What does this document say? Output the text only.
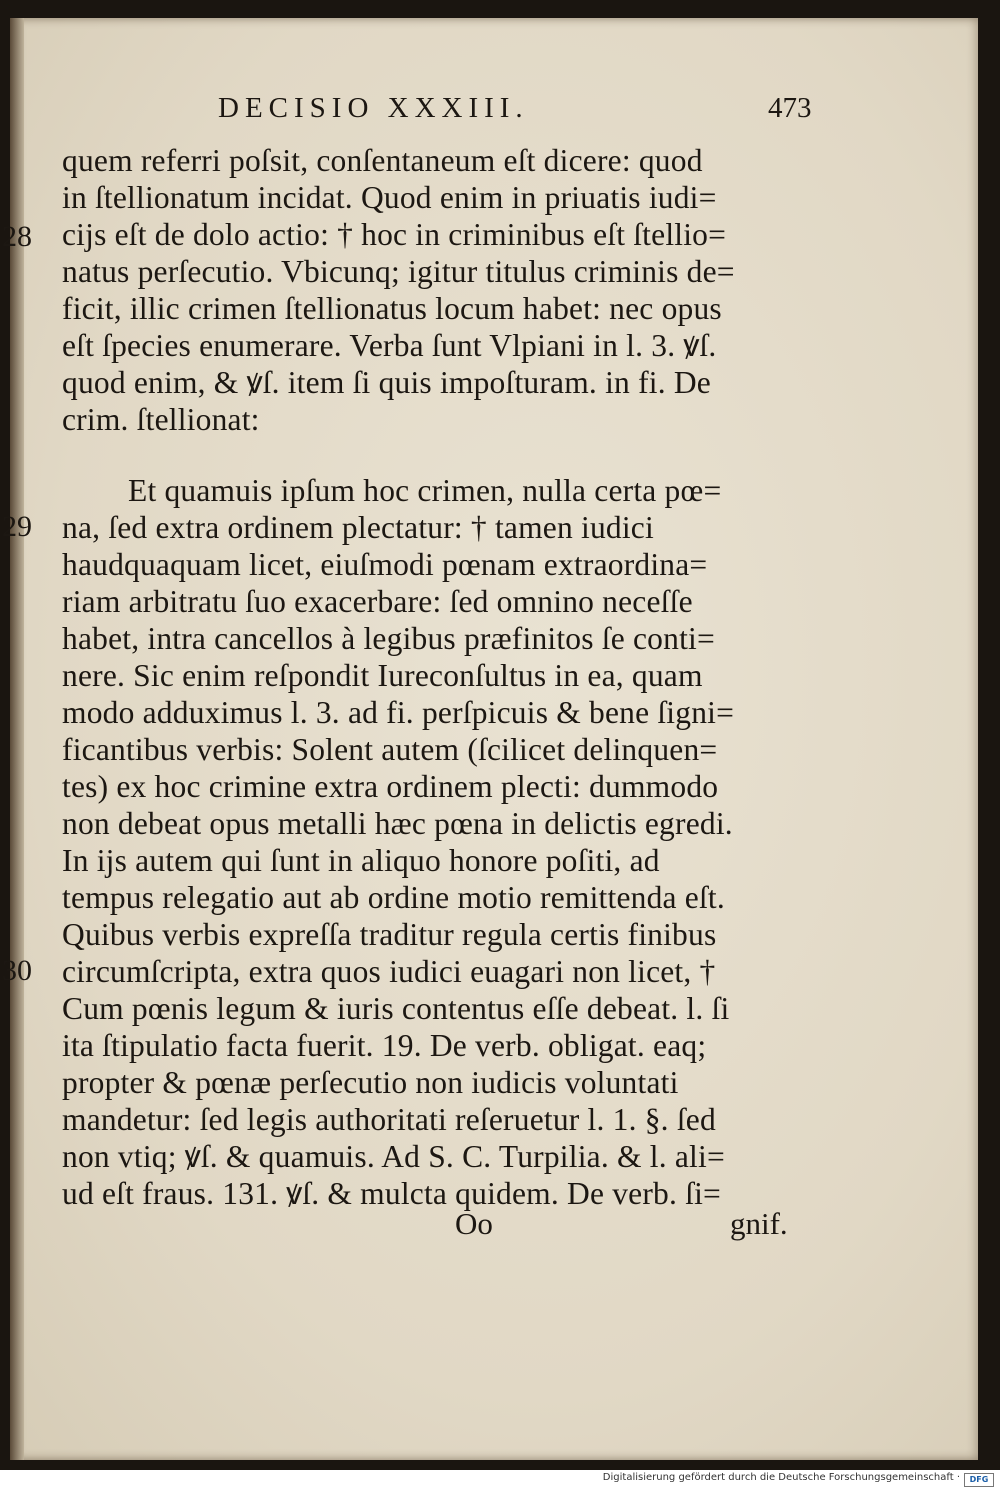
DECISIO XXXIII.	473
28
29
30
quem referri poſsit, conſentaneum eſt dicere: quod
in ſtellionatum incidat. Quod enim in priuatis iudi=
cijs eſt de dolo actio: † hoc in criminibus eſt ſtellio=
natus perſecutio. Vbicunq; igitur titulus criminis de=
ficit, illic crimen ſtellionatus locum habet: nec opus
eſt ſpecies enumerare. Verba ſunt Vlpiani in l. 3. ꝟſ.
quod enim, & ꝟſ. item ſi quis impoſturam. in fi. De
crim. ſtellionat:
Et quamuis ipſum hoc crimen, nulla certa pœ=
na, ſed extra ordinem plectatur: † tamen iudici
haudquaquam licet, eiuſmodi pœnam extraordina=
riam arbitratu ſuo exacerbare: ſed omnino neceſſe
habet, intra cancellos à legibus præfinitos ſe conti=
nere. Sic enim reſpondit Iureconſultus in ea, quam
modo adduximus l. 3. ad fi. perſpicuis & bene ſigni=
ficantibus verbis: Solent autem (ſcilicet delinquen=
tes) ex hoc crimine extra ordinem plecti: dummodo
non debeat opus metalli hæc pœna in delictis egredi.
In ijs autem qui ſunt in aliquo honore poſiti, ad
tempus relegatio aut ab ordine motio remittenda eſt.
Quibus verbis expreſſa traditur regula certis finibus
circumſcripta, extra quos iudici euagari non licet, †
Cum pœnis legum & iuris contentus eſſe debeat. l. ſi
ita ſtipulatio facta fuerit. 19. De verb. obligat. eaq;
propter & pœnæ perſecutio non iudicis voluntati
mandetur: ſed legis authoritati reſeruetur l. 1. §. ſed
non vtiq; ꝟſ. & quamuis. Ad S. C. Turpilia. & l. ali=
ud eſt fraus. 131. ꝟſ. & mulcta quidem. De verb. ſi=
Oo	gnif.
Digitalisierung gefördert durch die Deutsche Forschungsgemeinschaft ·	DFG
